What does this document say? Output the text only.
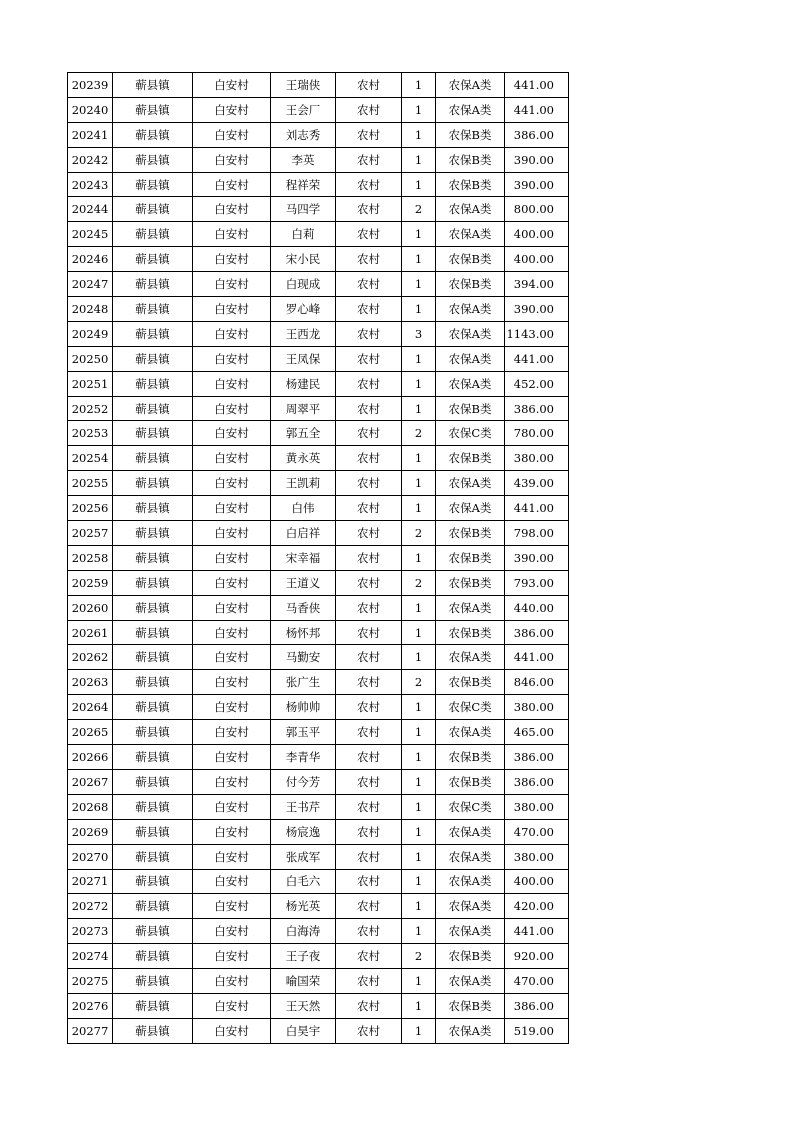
20239	蕲县镇	白安村	王瑞侠	农村	1	农保A类	441.00
20240	蕲县镇	白安村	王会厂	农村	1	农保A类	441.00
20241	蕲县镇	白安村	刘志秀	农村	1	农保B类	386.00
20242	蕲县镇	白安村	李英	农村	1	农保B类	390.00
20243	蕲县镇	白安村	程祥荣	农村	1	农保B类	390.00
20244	蕲县镇	白安村	马四学	农村	2	农保A类	800.00
20245	蕲县镇	白安村	白莉	农村	1	农保A类	400.00
20246	蕲县镇	白安村	宋小民	农村	1	农保B类	400.00
20247	蕲县镇	白安村	白现成	农村	1	农保B类	394.00
20248	蕲县镇	白安村	罗心峰	农村	1	农保A类	390.00
20249	蕲县镇	白安村	王西龙	农村	3	农保A类	1143.00
20250	蕲县镇	白安村	王凤保	农村	1	农保A类	441.00
20251	蕲县镇	白安村	杨建民	农村	1	农保A类	452.00
20252	蕲县镇	白安村	周翠平	农村	1	农保B类	386.00
20253	蕲县镇	白安村	郭五全	农村	2	农保C类	780.00
20254	蕲县镇	白安村	黄永英	农村	1	农保B类	380.00
20255	蕲县镇	白安村	王凯莉	农村	1	农保A类	439.00
20256	蕲县镇	白安村	白伟	农村	1	农保A类	441.00
20257	蕲县镇	白安村	白启祥	农村	2	农保B类	798.00
20258	蕲县镇	白安村	宋幸福	农村	1	农保B类	390.00
20259	蕲县镇	白安村	王道义	农村	2	农保B类	793.00
20260	蕲县镇	白安村	马香侠	农村	1	农保A类	440.00
20261	蕲县镇	白安村	杨怀邦	农村	1	农保B类	386.00
20262	蕲县镇	白安村	马勤安	农村	1	农保A类	441.00
20263	蕲县镇	白安村	张广生	农村	2	农保B类	846.00
20264	蕲县镇	白安村	杨帅帅	农村	1	农保C类	380.00
20265	蕲县镇	白安村	郭玉平	农村	1	农保A类	465.00
20266	蕲县镇	白安村	李青华	农村	1	农保B类	386.00
20267	蕲县镇	白安村	付今芳	农村	1	农保B类	386.00
20268	蕲县镇	白安村	王书芹	农村	1	农保C类	380.00
20269	蕲县镇	白安村	杨宸逸	农村	1	农保A类	470.00
20270	蕲县镇	白安村	张成军	农村	1	农保A类	380.00
20271	蕲县镇	白安村	白毛六	农村	1	农保A类	400.00
20272	蕲县镇	白安村	杨光英	农村	1	农保A类	420.00
20273	蕲县镇	白安村	白海涛	农村	1	农保A类	441.00
20274	蕲县镇	白安村	王子夜	农村	2	农保B类	920.00
20275	蕲县镇	白安村	喻国荣	农村	1	农保A类	470.00
20276	蕲县镇	白安村	王天然	农村	1	农保B类	386.00
20277	蕲县镇	白安村	白昊宇	农村	1	农保A类	519.00
